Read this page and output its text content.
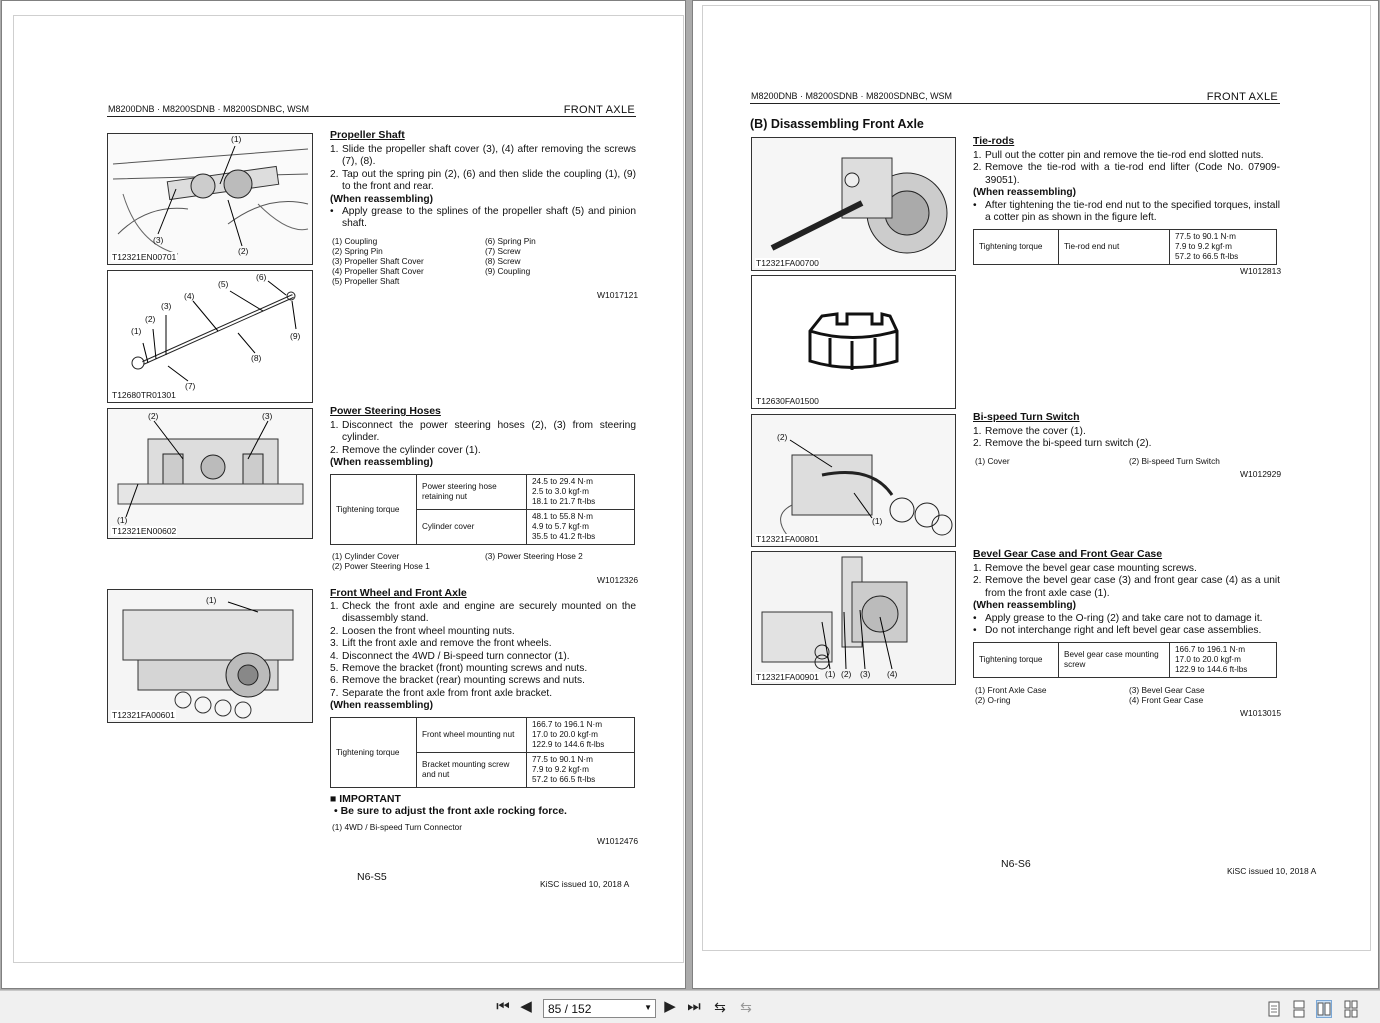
M8200DNB · M8200SDNB · M8200SDNBC, WSM	FRONT AXLE
(1)
(3)
(2)
T12321EN00701
(6)
(5)
(4)
(3)
(2)
(1)	(9)
(8)
(7)
T12680TR01301
(2)	(3)
(1)
T12321EN00602
(1)
T12321FA00601
Propeller Shaft
1. Slide the propeller shaft cover (3), (4) after removing the screws (7), (8).
2. Tap out the spring pin (2), (6) and then slide the coupling (1), (9) to the front and rear.
(When reassembling)
• Apply grease to the splines of the propeller shaft (5) and pinion shaft.
(1) Coupling
(2) Spring Pin
(3) Propeller Shaft Cover
(4) Propeller Shaft Cover
(5) Propeller Shaft
(6) Spring Pin
(7) Screw
(8) Screw
(9) Coupling
W1017121
Power Steering Hoses
1. Disconnect the power steering hoses (2), (3) from steering cylinder.
2. Remove the cylinder cover (1).
(When reassembling)
Tightening torque	Power steering hose retaining nut	24.5 to 29.4 N·m
2.5 to 3.0 kgf·m
18.1 to 21.7 ft-lbs

	Cylinder cover	48.1 to 55.8 N·m
4.9 to 5.7 kgf·m
35.5 to 41.2 ft-lbs
(1) Cylinder Cover
(2) Power Steering Hose 1
(3) Power Steering Hose 2
W1012326
Front Wheel and Front Axle
1. Check the front axle and engine are securely mounted on the disassembly stand.
2. Loosen the front wheel mounting nuts.
3. Lift the front axle and remove the front wheels.
4. Disconnect the 4WD / Bi-speed turn connector (1).
5. Remove the bracket (front) mounting screws and nuts.
6. Remove the bracket (rear) mounting screws and nuts.
7. Separate the front axle from front axle bracket.
(When reassembling)
Tightening torque	Front wheel mounting nut	166.7 to 196.1 N·m
17.0 to 20.0 kgf·m
122.9 to 144.6 ft-lbs

	Bracket mounting screw and nut	77.5 to 90.1 N·m
7.9 to 9.2 kgf·m
57.2 to 66.5 ft-lbs
■ IMPORTANT
• Be sure to adjust the front axle rocking force.
(1) 4WD / Bi-speed Turn Connector
W1012476
N6-S5
KiSC issued 10, 2018 A
M8200DNB · M8200SDNB · M8200SDNBC, WSM	FRONT AXLE
(B) Disassembling Front Axle
T12321FA00700
T12630FA01500
(2)
(1)
T12321FA00801
(1) (2) (3) (4)
T12321FA00901
Tie-rods
1. Pull out the cotter pin and remove the tie-rod end slotted nuts.
2. Remove the tie-rod with a tie-rod end lifter (Code No. 07909-39051).
(When reassembling)
• After tightening the tie-rod end nut to the specified torques, install a cotter pin as shown in the figure left.
Tightening torque	Tie-rod end nut	
77.5 to 90.1 N·m
7.9 to 9.2 kgf·m
57.2 to 66.5 ft-lbs
W1012813
Bi-speed Turn Switch
1. Remove the cover (1).
2. Remove the bi-speed turn switch (2).
(1) Cover	(2) Bi-speed Turn Switch
W1012929
Bevel Gear Case and Front Gear Case
1. Remove the bevel gear case mounting screws.
2. Remove the bevel gear case (3) and front gear case (4) as a unit from the front axle case (1).
(When reassembling)
• Apply grease to the O-ring (2) and take care not to damage it.
• Do not interchange right and left bevel gear case assemblies.
Tightening torque	Bevel gear case mounting screw	
166.7 to 196.1 N·m
17.0 to 20.0 kgf·m
122.9 to 144.6 ft-lbs
(1) Front Axle Case
(2) O-ring
(3) Bevel Gear Case
(4) Front Gear Case
W1013015
N6-S6
KiSC issued 10, 2018 A
⏮ ◀	85 / 152	▼ ▶ ⏭ ⇆ ⇆
